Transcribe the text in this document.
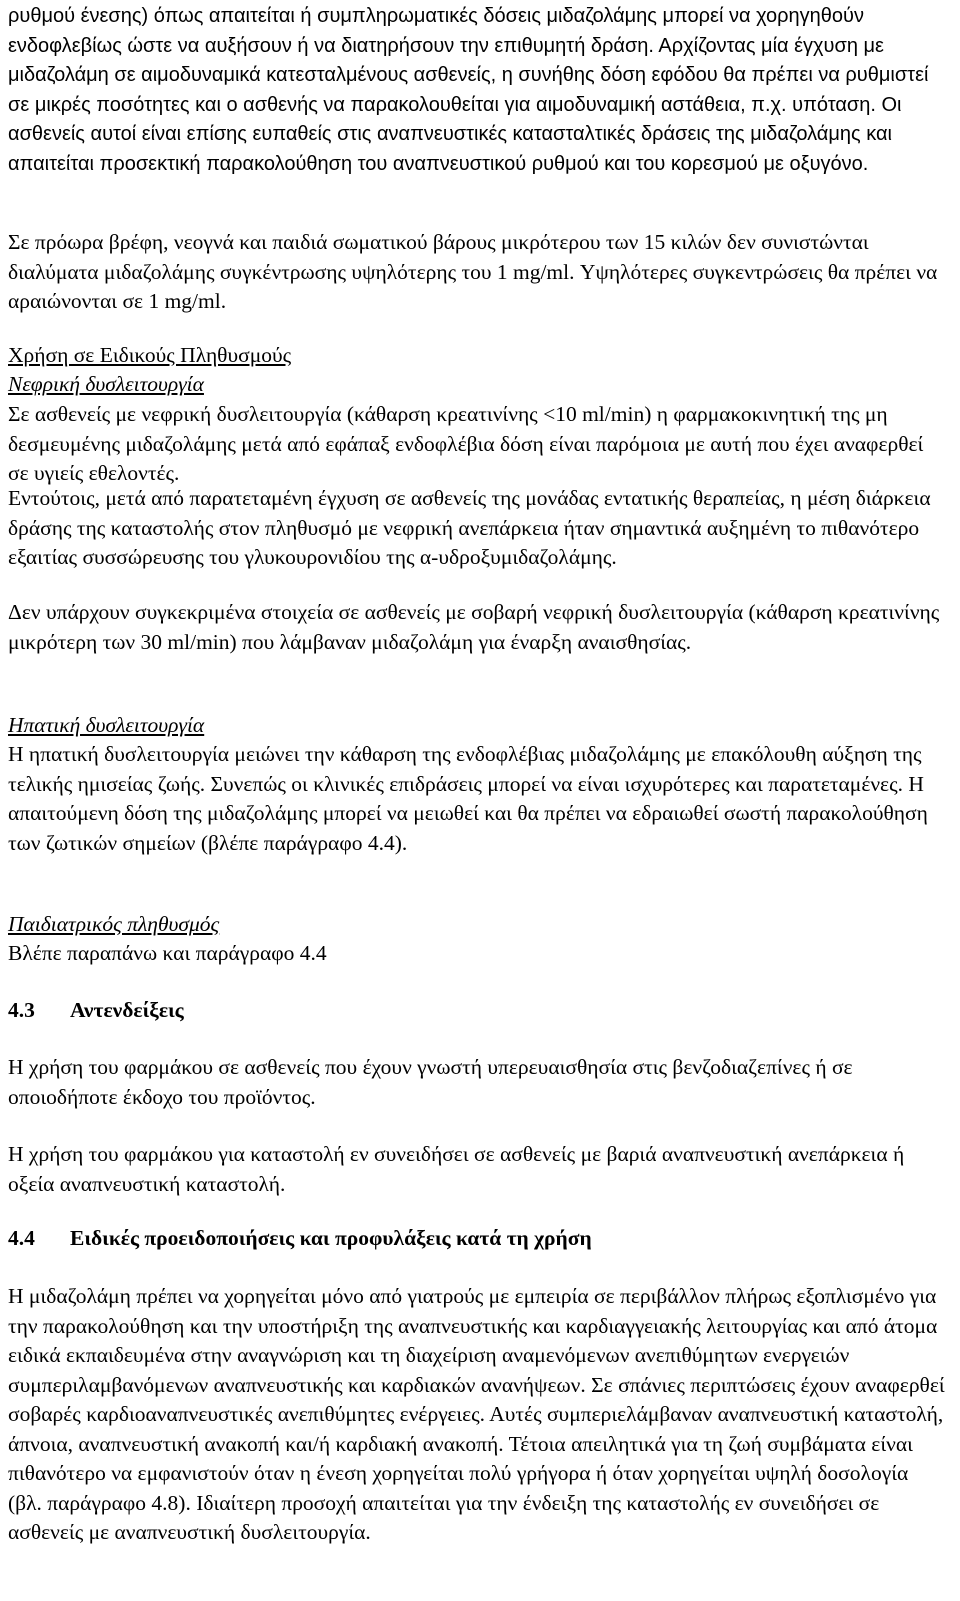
ρυθμού ένεσης) όπως απαιτείται ή συμπληρωματικές δόσεις μιδαζολάμης μπορεί να χορηγηθούν ενδοφλεβίως ώστε να αυξήσουν ή να διατηρήσουν την επιθυμητή δράση. Αρχίζοντας μία έγχυση με μιδαζολάμη σε αιμοδυναμικά κατεσταλμένους ασθενείς, η συνήθης δόση εφόδου θα πρέπει να ρυθμιστεί σε μικρές ποσότητες και ο ασθενής να παρακολουθείται για αιμοδυναμική αστάθεια, π.χ. υπόταση. Οι ασθενείς αυτοί είναι επίσης ευπαθείς στις αναπνευστικές κατασταλτικές δράσεις της μιδαζολάμης και απαιτείται προσεκτική παρακολούθηση του αναπνευστικού ρυθμού και του κορεσμού με οξυγόνο.

Σε πρόωρα βρέφη, νεογνά και παιδιά σωματικού βάρους μικρότερου των 15 κιλών δεν συνιστώνται διαλύματα μιδαζολάμης συγκέντρωσης υψηλότερης του 1 mg/ml. Υψηλότερες συγκεντρώσεις θα πρέπει να αραιώνονται σε 1 mg/ml.

Χρήση σε Ειδικούς Πληθυσμούς

Νεφρική δυσλειτουργία

Σε ασθενείς με νεφρική δυσλειτουργία (κάθαρση κρεατινίνης <10 ml/min) η φαρμακοκινητική της μη δεσμευμένης μιδαζολάμης μετά από εφάπαξ ενδοφλέβια δόση είναι παρόμοια με αυτή που έχει αναφερθεί σε υγιείς εθελοντές.

Εντούτοις, μετά από παρατεταμένη έγχυση σε ασθενείς της μονάδας εντατικής θεραπείας, η μέση διάρκεια δράσης της καταστολής στον πληθυσμό με νεφρική ανεπάρκεια ήταν σημαντικά αυξημένη το πιθανότερο εξαιτίας συσσώρευσης του γλυκουρονιδίου της α-υδροξυμιδαζολάμης.

Δεν υπάρχουν συγκεκριμένα στοιχεία σε ασθενείς με σοβαρή νεφρική δυσλειτουργία (κάθαρση κρεατινίνης μικρότερη των 30 ml/min) που λάμβαναν μιδαζολάμη για έναρξη αναισθησίας.

Ηπατική δυσλειτουργία

Η ηπατική δυσλειτουργία μειώνει την κάθαρση της ενδοφλέβιας μιδαζολάμης με επακόλουθη αύξηση της τελικής ημισείας ζωής. Συνεπώς οι κλινικές επιδράσεις μπορεί να είναι ισχυρότερες και παρατεταμένες. Η απαιτούμενη δόση της μιδαζολάμης μπορεί να μειωθεί και θα πρέπει να εδραιωθεί σωστή παρακολούθηση των ζωτικών σημείων (βλέπε παράγραφο 4.4).

Παιδιατρικός πληθυσμός

Βλέπε παραπάνω και παράγραφο 4.4

4.3 Αντενδείξεις

Η χρήση του φαρμάκου σε ασθενείς που έχουν γνωστή υπερευαισθησία στις βενζοδιαζεπίνες ή σε οποιοδήποτε έκδοχο του προϊόντος.

Η χρήση του φαρμάκου για καταστολή εν συνειδήσει σε ασθενείς με βαριά αναπνευστική ανεπάρκεια ή οξεία αναπνευστική καταστολή.

4.4 Ειδικές προειδοποιήσεις και προφυλάξεις κατά τη χρήση

Η μιδαζολάμη πρέπει να χορηγείται μόνο από γιατρούς με εμπειρία σε περιβάλλον πλήρως εξοπλισμένο για την παρακολούθηση και την υποστήριξη της αναπνευστικής και καρδιαγγειακής λειτουργίας και από άτομα ειδικά εκπαιδευμένα στην αναγνώριση και τη διαχείριση αναμενόμενων ανεπιθύμητων ενεργειών συμπεριλαμβανόμενων αναπνευστικής και καρδιακών ανανήψεων. Σε σπάνιες περιπτώσεις έχουν αναφερθεί σοβαρές καρδιοαναπνευστικές ανεπιθύμητες ενέργειες. Αυτές συμπεριελάμβαναν αναπνευστική καταστολή, άπνοια, αναπνευστική ανακοπή και/ή καρδιακή ανακοπή. Τέτοια απειλητικά για τη ζωή συμβάματα είναι πιθανότερο να εμφανιστούν όταν η ένεση χορηγείται πολύ γρήγορα ή όταν χορηγείται υψηλή δοσολογία (βλ. παράγραφο 4.8). Ιδιαίτερη προσοχή απαιτείται για την ένδειξη της καταστολής εν συνειδήσει σε ασθενείς με αναπνευστική δυσλειτουργία.
